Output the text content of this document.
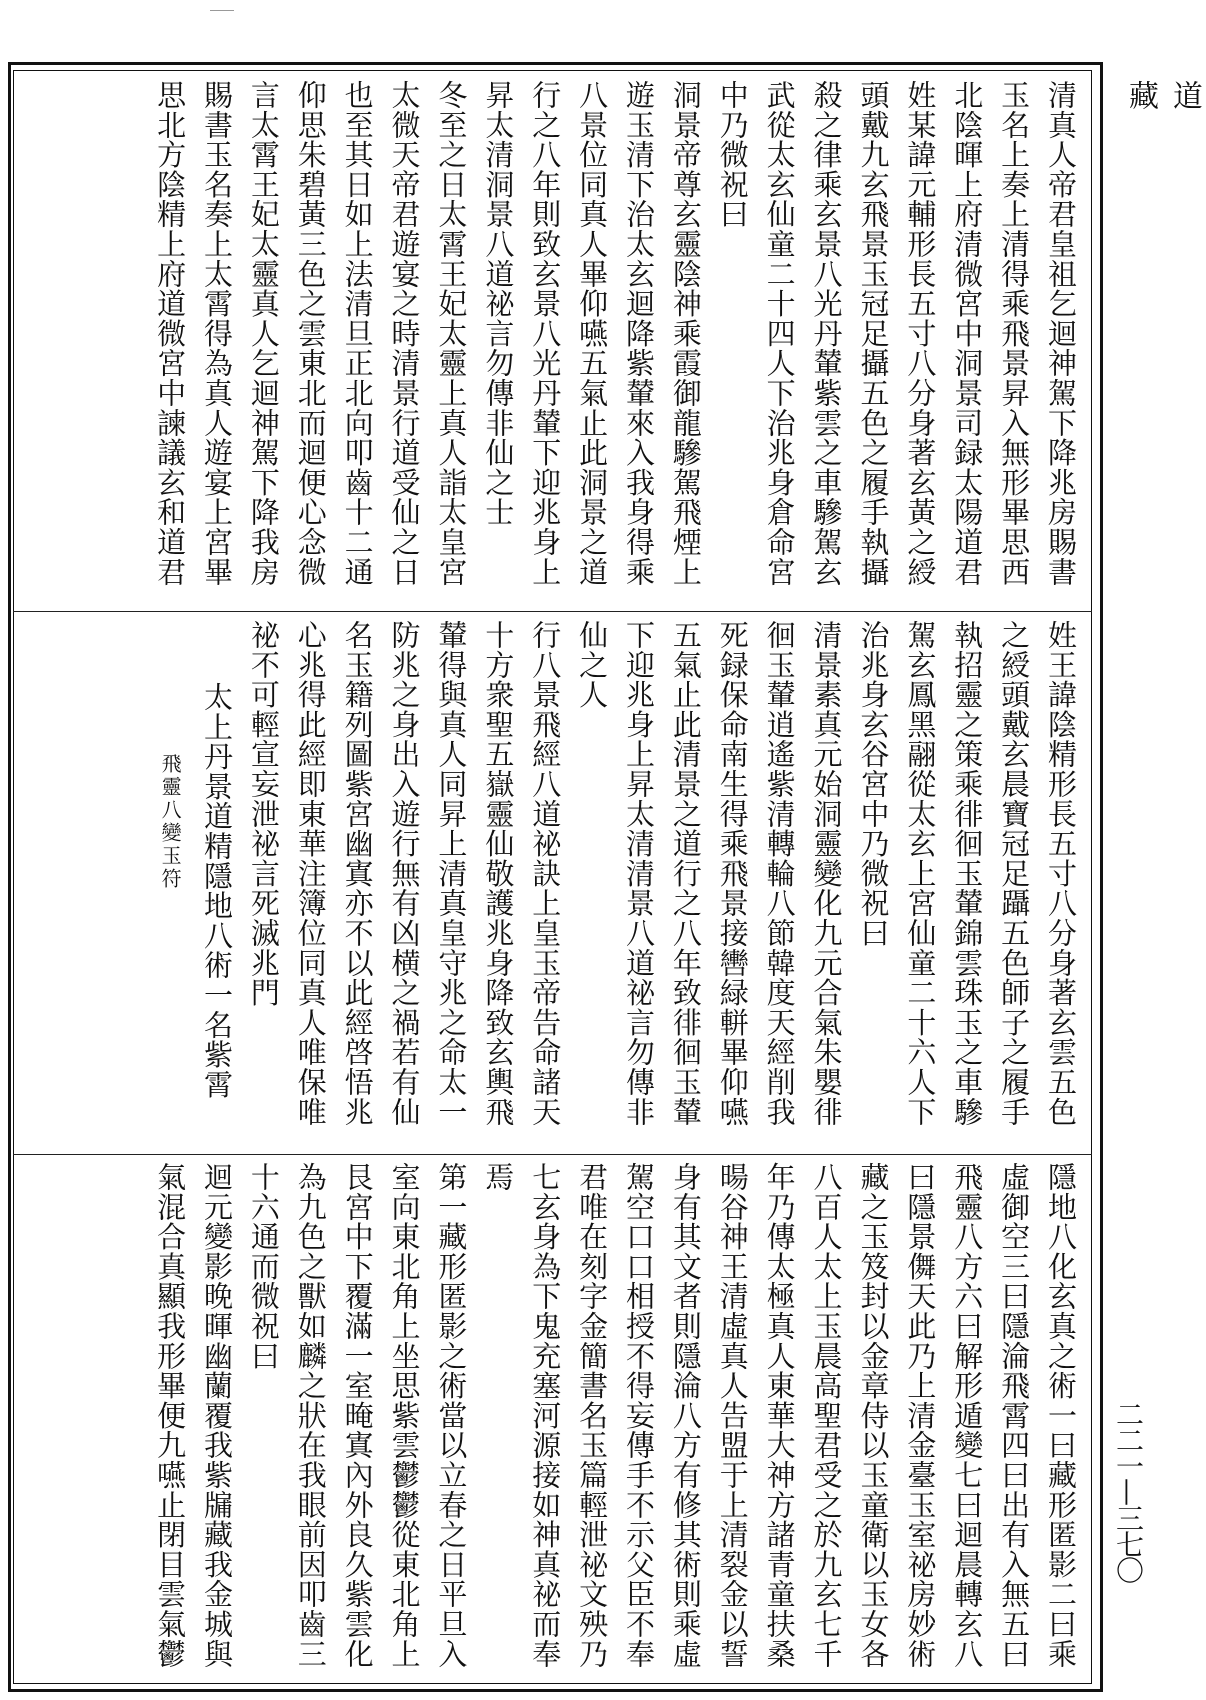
道
藏
二二一—三七〇
清真人帝君皇祖乞迴神駕下降兆房賜書
玉名上奏上清得乘飛景昇入無形畢思西
北陰暉上府清微宮中洞景司録太陽道君
姓某諱元輔形長五寸八分身著玄黃之綬
頭戴九玄飛景玉冠足攝五色之履手執攝
殺之律乘玄景八光丹輦紫雲之車驂駕玄
武從太玄仙童二十四人下治兆身倉命宮
中乃微祝曰
洞景帝尊玄靈陰神乘霞御龍驂駕飛煙上
遊玉清下治太玄迴降紫輦來入我身得乘
八景位同真人畢仰嚥五氣止此洞景之道
行之八年則致玄景八光丹輦下迎兆身上
昇太清洞景八道祕言勿傳非仙之士
冬至之日太霄王妃太靈上真人詣太皇宮
太微天帝君遊宴之時清景行道受仙之日
也至其日如上法清旦正北向叩齒十二通
仰思朱碧黃三色之雲東北而迴便心念微
言太霄王妃太靈真人乞迴神駕下降我房
賜書玉名奏上太霄得為真人遊宴上宮畢
思北方陰精上府道微宮中諫議玄和道君
姓王諱陰精形長五寸八分身著玄雲五色
之綬頭戴玄晨寶冠足躡五色師子之履手
執招靈之策乘徘徊玉輦錦雲珠玉之車驂
駕玄鳳黑翮從太玄上宮仙童二十六人下
治兆身玄谷宮中乃微祝曰
清景素真元始洞靈變化九元合氣朱嬰徘
徊玉輦逍遙紫清轉輪八節韓度天經削我
死録保命南生得乘飛景接轡緑軿畢仰嚥
五氣止此清景之道行之八年致徘徊玉輦
下迎兆身上昇太清清景八道祕言勿傳非
仙之人
行八景飛經八道祕訣上皇玉帝告命諸天
十方衆聖五嶽靈仙敬護兆身降致玄輿飛
輦得與真人同昇上清真皇守兆之命太一
防兆之身出入遊行無有凶横之禍若有仙
名玉籍列圖紫宮幽寘亦不以此經啓悟兆
心兆得此經即東華注簿位同真人唯保唯
祕不可輕宣妄泄祕言死滅兆門
太上丹景道精隱地八術一名紫霄
飛靈八變玉符
隱地八化玄真之術一曰藏形匿影二曰乘
虛御空三曰隱淪飛霄四曰出有入無五曰
飛靈八方六曰解形遁變七曰迴晨轉玄八
曰隱景儛天此乃上清金臺玉室祕房妙術
藏之玉笈封以金章侍以玉童衛以玉女各
八百人太上玉晨高聖君受之於九玄七千
年乃傳太極真人東華大神方諸青童扶桑
暘谷神王清虛真人告盟于上清裂金以誓
身有其文者則隱淪八方有修其術則乘虛
駕空口口相授不得妄傳手不示父臣不奉
君唯在刻字金簡書名玉篇輕泄祕文殃乃
七玄身為下鬼充塞河源接如神真祕而奉
焉
第一藏形匿影之術當以立春之日平旦入
室向東北角上坐思紫雲鬱鬱從東北角上
艮宮中下覆滿一室晻寘內外良久紫雲化
為九色之獸如麟之狀在我眼前因叩齒三
十六通而微祝曰
迴元變影晚暉幽蘭覆我紫牖藏我金城與
氣混合真顯我形畢便九嚥止閉目雲氣鬱
